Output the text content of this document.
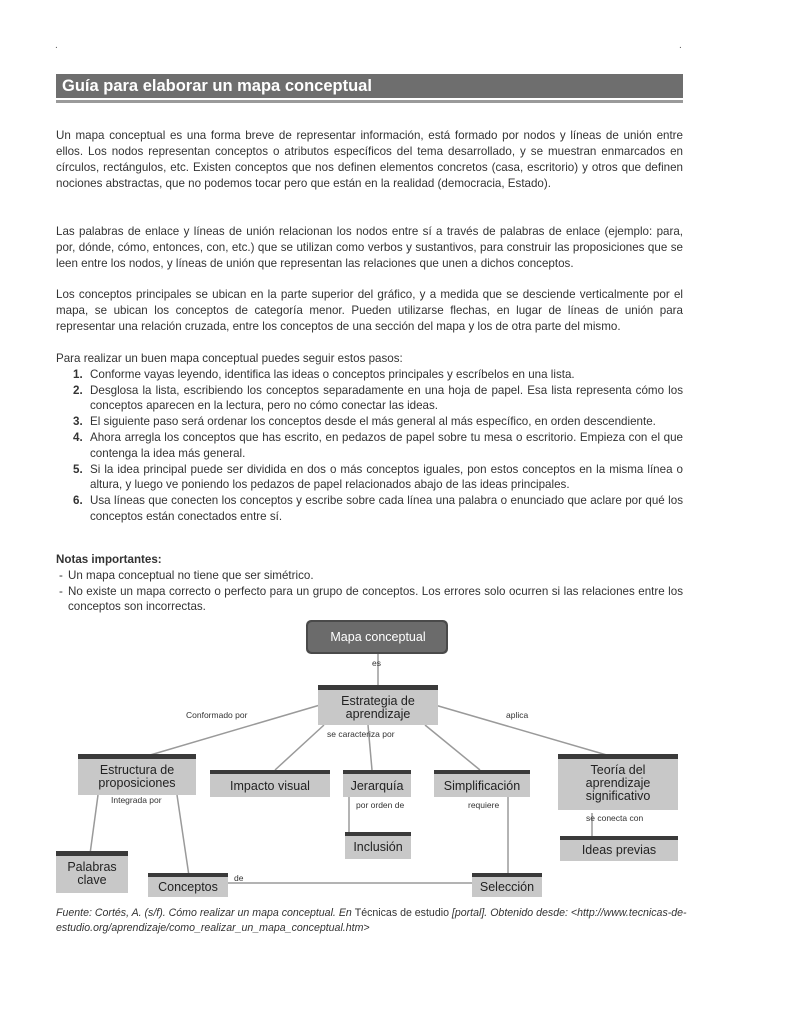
.	.
Guía para elaborar un mapa conceptual

Un mapa conceptual es una forma breve de representar información, está formado por nodos y líneas de unión entre ellos. Los nodos representan conceptos o atributos específicos del tema desarrollado, y se muestran enmarcados en círculos, rectángulos, etc. Existen conceptos que nos definen elementos concretos (casa, escritorio) y otros que definen nociones abstractas, que no podemos tocar pero que están en la realidad (democracia, Estado).

Las palabras de enlace y líneas de unión relacionan los nodos entre sí a través de palabras de enlace (ejemplo: para, por, dónde, cómo, entonces, con, etc.) que se utilizan como verbos y sustantivos, para construir las proposiciones que se leen entre los nodos, y líneas de unión que representan las relaciones que unen a dichos conceptos.

Los conceptos principales se ubican en la parte superior del gráfico, y a medida que se desciende verticalmente por el mapa, se ubican los conceptos de categoría menor. Pueden utilizarse flechas, en lugar de líneas de unión para representar una relación cruzada, entre los conceptos de una sección del mapa y los de otra parte del mismo.

Para realizar un buen mapa conceptual puedes seguir estos pasos:

1. Conforme vayas leyendo, identifica las ideas o conceptos principales y escríbelos en una lista.
2. Desglosa la lista, escribiendo los conceptos separadamente en una hoja de papel. Esa lista representa cómo los conceptos aparecen en la lectura, pero no cómo conectar las ideas.
3. El siguiente paso será ordenar los conceptos desde el más general al más específico, en orden descendiente.
4. Ahora arregla los conceptos que has escrito, en pedazos de papel sobre tu mesa o escritorio. Empieza con el que contenga la idea más general.
5. Si la idea principal puede ser dividida en dos o más conceptos iguales, pon estos conceptos en la misma línea o altura, y luego ve poniendo los pedazos de papel relacionados abajo de las ideas principales.
6. Usa líneas que conecten los conceptos y escribe sobre cada línea una palabra o enunciado que aclare por qué los conceptos están conectados entre sí.

Notas importantes:

- Un mapa conceptual no tiene que ser simétrico.
- No existe un mapa correcto o perfecto para un grupo de conceptos. Los errores solo ocurren si las relaciones entre los conceptos son incorrectas.
Mapa conceptual
es
Estrategia de
aprendizaje
Conformado por	aplica
se caracteriza por
Estructura de
proposiciones
Integrada por
Impacto visual	Jerarquía
por orden de
Simplificación
requiere
Teoría del
aprendizaje
significativo
se conecta con
Inclusión	Ideas previas
Palabras
clave	Conceptos
de
Selección
Fuente: Cortés, A. (s/f). Cómo realizar un mapa conceptual. En Técnicas de estudio [portal]. Obtenido desde: <http://www.tecnicas-de-estudio.org/aprendizaje/como_realizar_un_mapa_conceptual.htm>
